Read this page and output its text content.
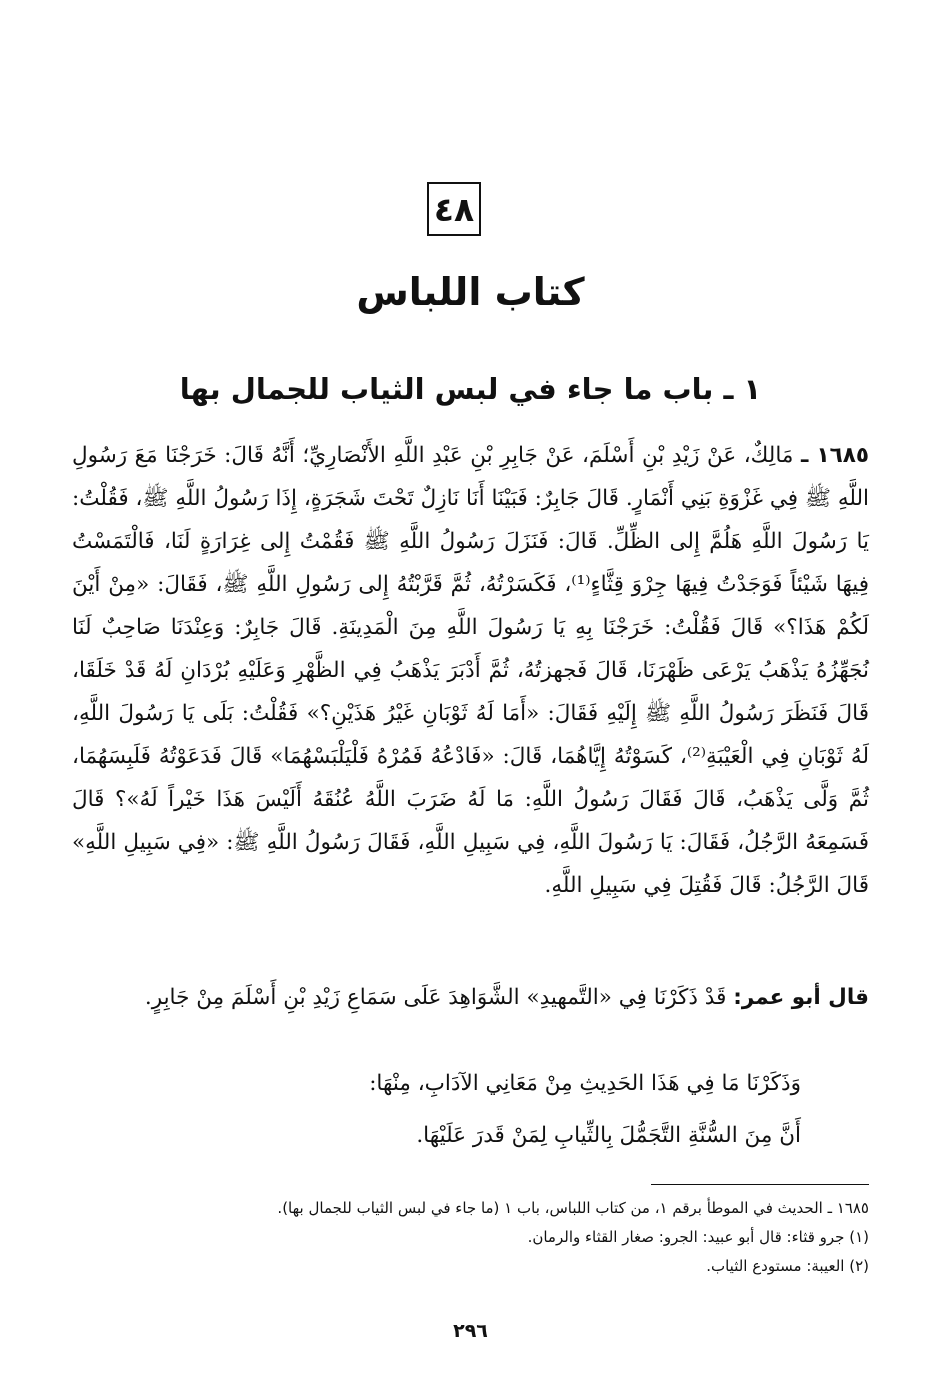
٤٨
كتاب اللباس
١ ـ باب ما جاء في لبس الثياب للجمال بها
١٦٨٥ ـ مَالِكٌ، عَنْ زَيْدِ بْنِ أَسْلَمَ، عَنْ جَابِرِ بْنِ عَبْدِ اللَّهِ الأَنْصَارِيِّ؛ أَنَّهُ قَالَ: خَرَجْنَا مَعَ رَسُولِ اللَّهِ ﷺ فِي غَزْوَةِ بَنِي أَنْمَارٍ. قَالَ جَابِرٌ: فَبَيْنَا أَنَا نَازِلٌ تَحْتَ شَجَرَةٍ، إِذَا رَسُولُ اللَّهِ ﷺ، فَقُلْتُ: يَا رَسُولَ اللَّهِ هَلُمَّ إِلى الظِّلِّ. قَالَ: فَنَزَلَ رَسُولُ اللَّهِ ﷺ فَقُمْتُ إِلى غِرَارَةٍ لَنَا، فَالْتَمَسْتُ فِيهَا شَيْئاً فَوَجَدْتُ فِيهَا جِرْوَ قِثَّاءٍ⁽¹⁾، فَكَسَرْتُهُ، ثُمَّ قَرَّبْتُهُ إِلى رَسُولِ اللَّهِ ﷺ، فَقَالَ: «مِنْ أَيْنَ لَكُمْ هَذَا؟» قَالَ فَقُلْتُ: خَرَجْنَا بِهِ يَا رَسُولَ اللَّهِ مِنَ الْمَدِينَةِ. قَالَ جَابِرٌ: وَعِنْدَنَا صَاحِبٌ لَنَا نُجَهِّزُهُ يَذْهَبُ يَرْعَى ظَهْرَنَا، قَالَ فَجهزتُهُ، ثُمَّ أَدْبَرَ يَذْهَبُ فِي الظَّهْرِ وَعَلَيْهِ بُرْدَانِ لَهُ قَدْ خَلَقَا، قَالَ فَنَظَرَ رَسُولُ اللَّهِ ﷺ إِلَيْهِ فَقَالَ: «أَمَا لَهُ ثَوْبَانِ غَيْرُ هَذَيْنِ؟» فَقُلْتُ: بَلَى يَا رَسُولَ اللَّهِ، لَهُ ثَوْبَانِ فِي الْعَيْبَةِ⁽²⁾، كَسَوْتُهُ إِيَّاهُمَا، قَالَ: «فَادْعُهُ فَمُرْهُ فَلْيَلْبَسْهُمَا» قَالَ فَدَعَوْتُهُ فَلَبِسَهُمَا، ثُمَّ وَلَّى يَذْهَبُ، قَالَ فَقَالَ رَسُولُ اللَّهِ: مَا لَهُ ضَرَبَ اللَّهُ عُنُقَهُ أَلَيْسَ هَذَا خَيْراً لَهُ»؟ قَالَ فَسَمِعَهُ الرَّجُلُ، فَقَالَ: يَا رَسُولَ اللَّهِ، فِي سَبِيلِ اللَّهِ، فَقَالَ رَسُولُ اللَّهِ ﷺ: «فِي سَبِيلِ اللَّهِ» قَالَ الرَّجُلُ: قَالَ فَقُتِلَ فِي سَبِيلِ اللَّهِ.
قال أبو عمر: قَدْ ذَكَرْنَا فِي «التَّمهيدِ» الشَّوَاهِدَ عَلَى سَمَاعِ زَيْدِ بْنِ أَسْلَمَ مِنْ جَابِرٍ.
وَذَكَرْنَا مَا فِي هَذَا الحَدِيثِ مِنْ مَعَانِي الآدَابِ، مِنْهَا:
أَنَّ مِنَ السُّنَّةِ التَّجَمُّلَ بِالثِّيابِ لِمَنْ قَدرَ عَلَيْهَا.
١٦٨٥ ـ الحديث في الموطأ برقم ١، من كتاب اللباس، باب ١ (ما جاء في لبس الثياب للجمال بها).
(١) جرو قثاء: قال أبو عبيد: الجرو: صغار القثاء والرمان.
(٢) العيبة: مستودع الثياب.
٢٩٦
